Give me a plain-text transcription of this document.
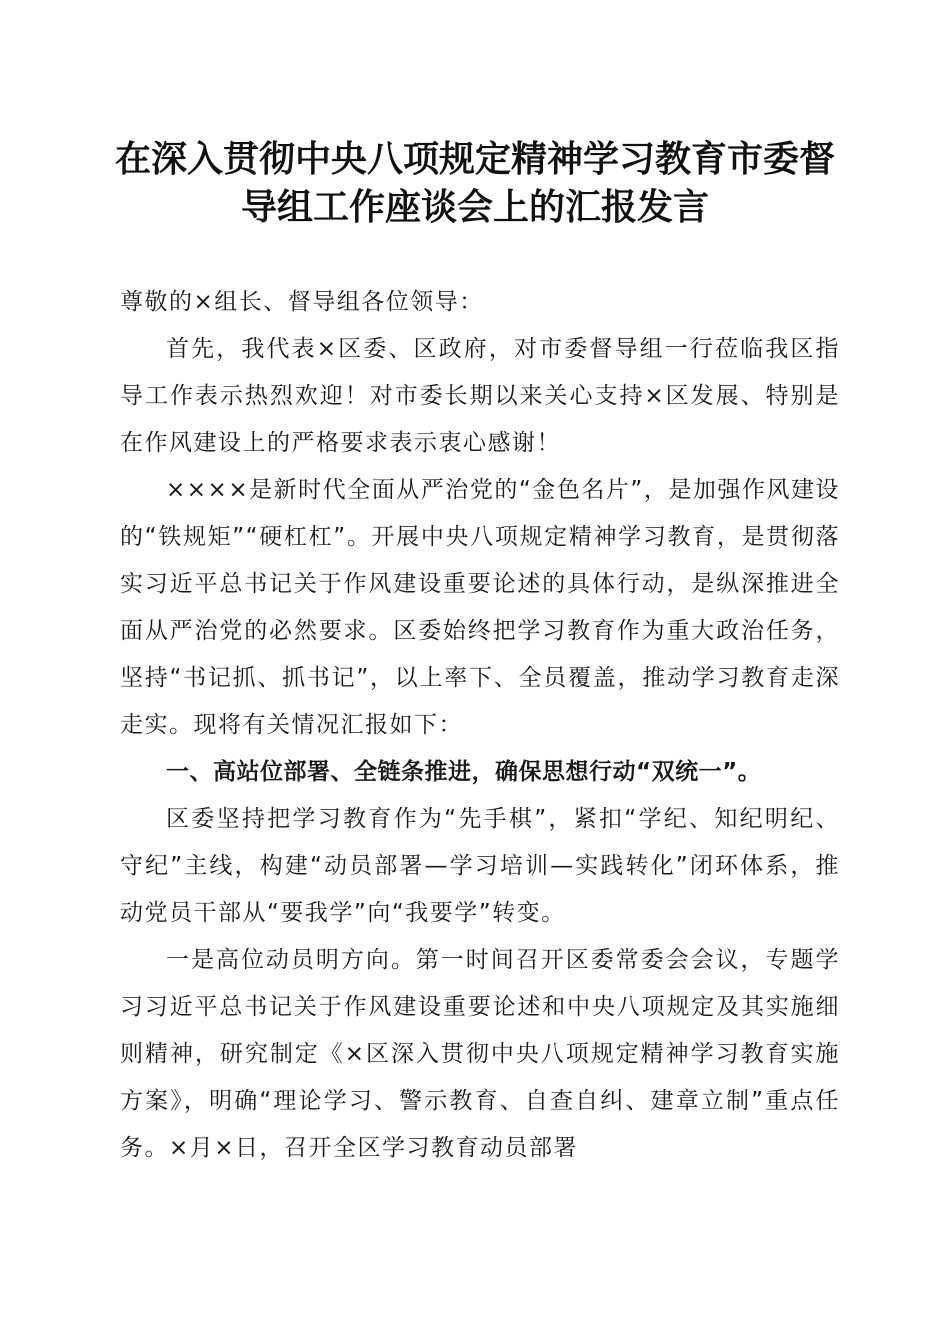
在深入贯彻中央八项规定精神学习教育市委督
导组工作座谈会上的汇报发言

尊敬的×组长、督导组各位领导：

首先，我代表×区委、区政府，对市委督导组一行莅临我区指导工作表示热烈欢迎！对市委长期以来关心支持×区发展、特别是在作风建设上的严格要求表示衷心感谢！

××××是新时代全面从严治党的“金色名片”，是加强作风建设的“铁规矩”“硬杠杠”。开展中央八项规定精神学习教育，是贯彻落实习近平总书记关于作风建设重要论述的具体行动，是纵深推进全面从严治党的必然要求。区委始终把学习教育作为重大政治任务，坚持“书记抓、抓书记”，以上率下、全员覆盖，推动学习教育走深走实。现将有关情况汇报如下：

一、高站位部署、全链条推进，确保思想行动“双统一”。

区委坚持把学习教育作为“先手棋”，紧扣“学纪、知纪明纪、守纪”主线，构建“动员部署—学习培训—实践转化”闭环体系，推动党员干部从“要我学”向“我要学”转变。

一是高位动员明方向。第一时间召开区委常委会会议，专题学习习近平总书记关于作风建设重要论述和中央八项规定及其实施细则精神，研究制定《×区深入贯彻中央八项规定精神学习教育实施方案》，明确“理论学习、警示教育、自查自纠、建章立制”重点任务。×月×日，召开全区学习教育动员部署
